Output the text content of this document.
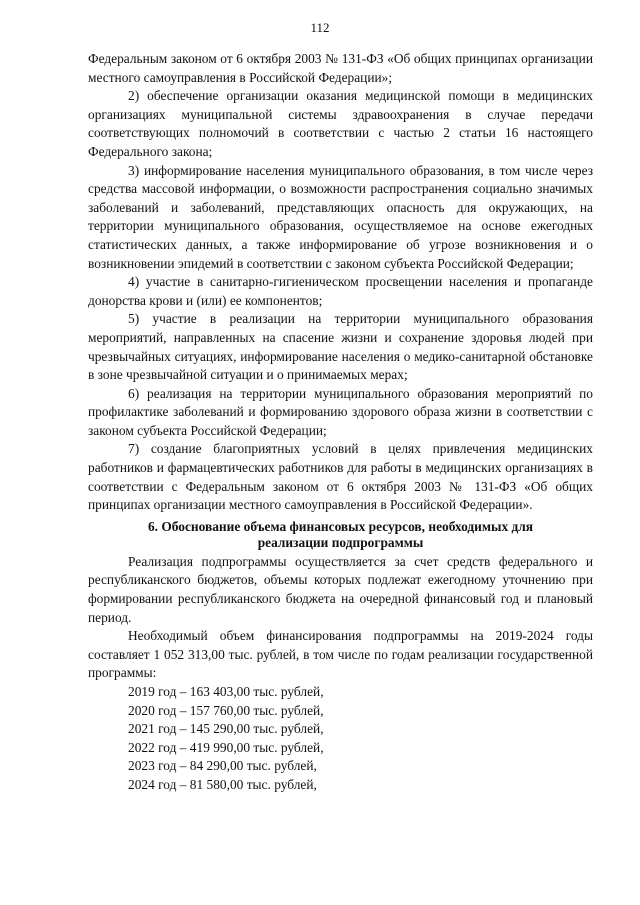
112

Федеральным законом от 6 октября 2003 № 131-ФЗ «Об общих принципах организации местного самоуправления в Российской Федерации»;

2) обеспечение организации оказания медицинской помощи в медицинских организациях муниципальной системы здравоохранения в случае передачи соответствующих полномочий в соответствии с частью 2 статьи 16 настоящего Федерального закона;

3) информирование населения муниципального образования, в том числе через средства массовой информации, о возможности распространения социально значимых заболеваний и заболеваний, представляющих опасность для окружающих, на территории муниципального образования, осуществляемое на основе ежегодных статистических данных, а также информирование об угрозе возникновения и о возникновении эпидемий в соответствии с законом субъекта Российской Федерации;

4) участие в санитарно-гигиеническом просвещении населения и пропаганде донорства крови и (или) ее компонентов;

5) участие в реализации на территории муниципального образования мероприятий, направленных на спасение жизни и сохранение здоровья людей при чрезвычайных ситуациях, информирование населения о медико-санитарной обстановке в зоне чрезвычайной ситуации и о принимаемых мерах;

6) реализация на территории муниципального образования мероприятий по профилактике заболеваний и формированию здорового образа жизни в соответствии с законом субъекта Российской Федерации;

7) создание благоприятных условий в целях привлечения медицинских работников и фармацевтических работников для работы в медицинских организациях в соответствии с Федеральным законом от 6 октября 2003 № 131-ФЗ «Об общих принципах организации местного самоуправления в Российской Федерации».

6. Обоснование объема финансовых ресурсов, необходимых для реализации подпрограммы

Реализация подпрограммы осуществляется за счет средств федерального и республиканского бюджетов, объемы которых подлежат ежегодному уточнению при формировании республиканского бюджета на очередной финансовый год и плановый период.

Необходимый объем финансирования подпрограммы на 2019-2024 годы составляет 1 052 313,00 тыс. рублей, в том числе по годам реализации государственной программы:

2019 год – 163 403,00 тыс. рублей,
2020 год – 157 760,00 тыс. рублей,
2021 год – 145 290,00 тыс. рублей,
2022 год – 419 990,00 тыс. рублей,
2023 год – 84 290,00 тыс. рублей,
2024 год – 81 580,00 тыс. рублей,
